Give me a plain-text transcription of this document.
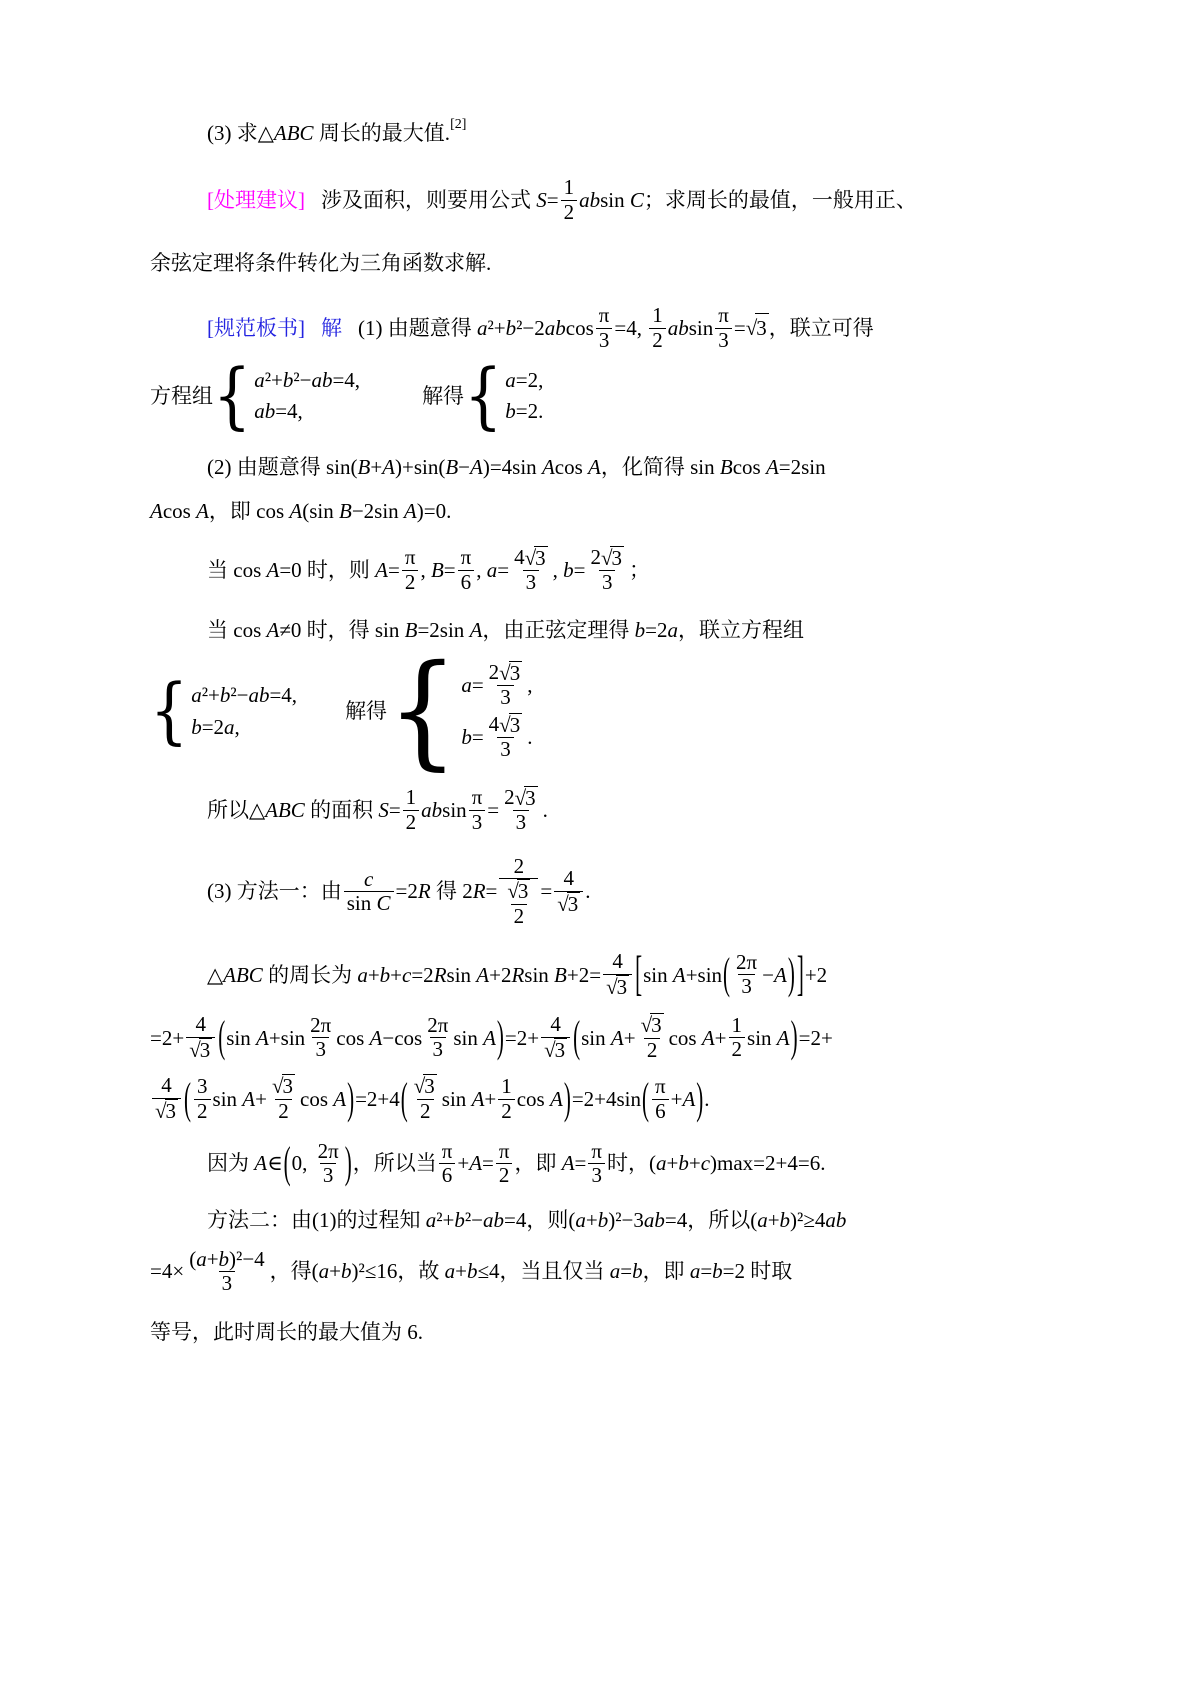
(3) 求△ ABC 周长的最大值. [2]
[处理建议] 涉及面积，则要用公式 $S = \frac{1}{2}$ ab sin C ；求周长的最值，一般用正、
余弦定理将条件转化为三角函数求解.
[规范板书] 解 (1) 由题意得 a ²+ b ²−2 ab $\cos \frac{\pi}{3} =4$, $\frac{1}{2}$ ab $\sin \frac{\pi}{3}$ = √ 3 ，联立可得
方程组 { a ²+ b ²− ab =4,
ab =4,
解得 { a =2,
b =2.
(2) 由题意得 sin( B + A )+sin( B − A )=4sin A cos A ，化简得 sin B cos A =2sin
A cos A ，即 cos A (sin B −2sin A )=0.
当 cos A =0 时，则 $A = \frac{\pi}{2}$ , $B = \frac{\pi}{6}$ , $a = \frac{4 √ 3}{3}$ , $b = \frac{2 √ 3}{3}$ ；
当 cos A ≠0 时，得 sin B =2sin A ，由正弦定理得 b =2 a ，联立方程组
{ a ²+ b ²− ab =4,
b =2 a ,
解得 { $a = \frac{2 √ 3}{3}$ ,
$b = \frac{4 √ 3}{3}$ .
所以△ ABC 的面积 $S = \frac{1}{2}$ ab $\sin \frac{\pi}{3} = \frac{2 √ 3}{3}$ .
(3) 方法一：由 $\frac{c}{\text{sin C}} =2$ R 得 2 $R = \frac{2}{\frac{√ 3}{2}} = \frac{4}{√ 3}$ .
△ ABC 的周长为 a + b + c =2 R sin A +2 R $\sin B +2= \frac{4}{√ 3}$ [ sin A +sin ( $\frac{2\pi}{3} - A$ ) ] +2
$=2+ \frac{4}{√ 3}$ ( $\sin A +\sin \frac{2\pi}{3}$ $\cos A -\cos \frac{2\pi}{3}$ sin A ) $=2+ \frac{4}{√ 3}$ ( $\sin A + \frac{√ 3}{2}$ $\cos A + \frac{1}{2}$ sin A ) =2+
$\frac{4}{√ 3}$ ( $\frac{3}{2}$ $\sin A + \frac{√ 3}{2}$ cos A ) =2+4 ( $\frac{√ 3}{2}$ $\sin A + \frac{1}{2}$ cos A ) =2+4sin ( $\frac{\pi}{6} + A$ ) .
因为 A ∈ ( 0, $\frac{2\pi}{3}$ ) ，所以当 $\frac{\pi}{6} + A = \frac{\pi}{2}$ ，即 $A = \frac{\pi}{3}$ 时，( a + b + c )max=2+4=6.
方法二：由(1)的过程知 a ²+ b ²− ab =4，则( a + b )²−3 ab =4，所以( a + b )²≥4 ab
$=4\times \frac{\text{( a + b )²−4}}{3}$ ，得( a + b )²≤16，故 a + b ≤4，当且仅当 a = b ，即 a = b =2 时取
等号，此时周长的最大值为 6.
